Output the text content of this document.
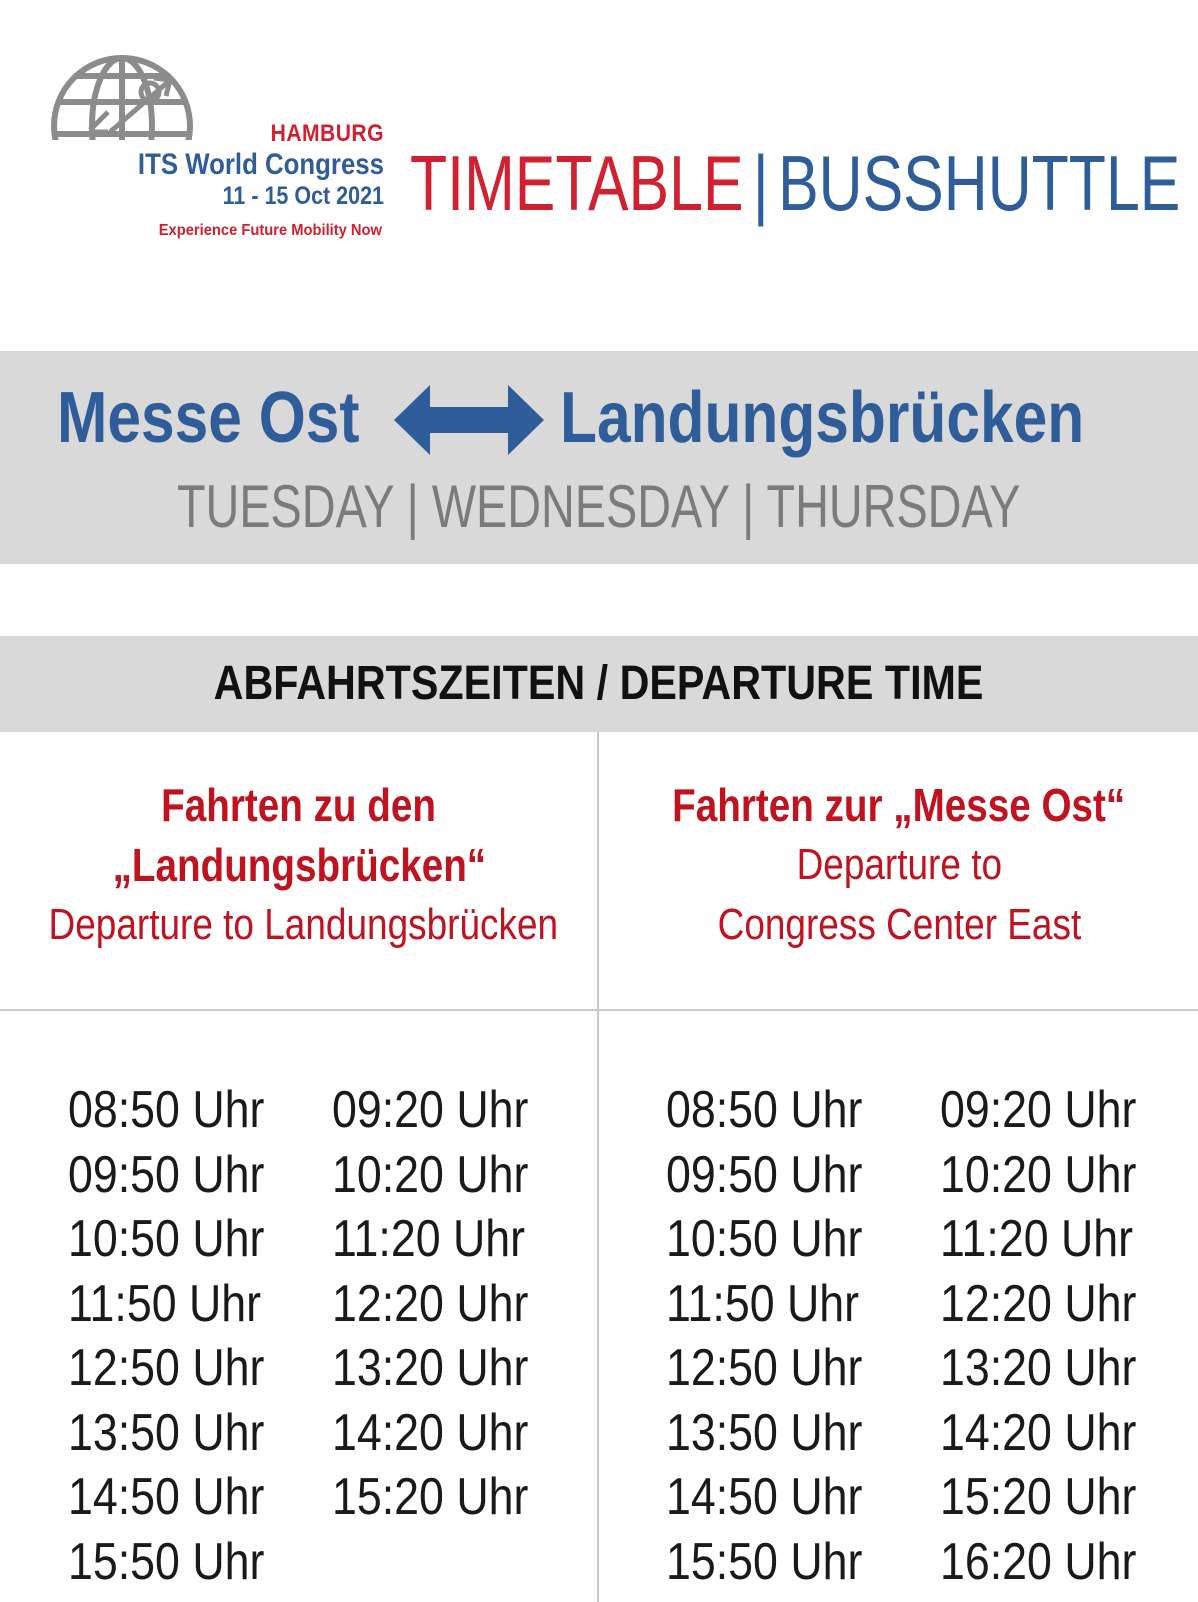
HAMBURG
ITS World Congress
11 - 15 Oct 2021
Experience Future Mobility Now
TIMETABLE | BUSSHUTTLE
Messe Ost	Landungsbrücken
TUESDAY | WEDNESDAY | THURSDAY
ABFAHRTSZEITEN / DEPARTURE TIME
Fahrten zu den
„Landungsbrücken“
Departure to Landungsbrücken
Fahrten zur „Messe Ost“
Departure to
Congress Center East
08:50 Uhr
09:50 Uhr
10:50 Uhr
11:50 Uhr
12:50 Uhr
13:50 Uhr
14:50 Uhr
15:50 Uhr
09:20 Uhr
10:20 Uhr
11:20 Uhr
12:20 Uhr
13:20 Uhr
14:20 Uhr
15:20 Uhr
08:50 Uhr
09:50 Uhr
10:50 Uhr
11:50 Uhr
12:50 Uhr
13:50 Uhr
14:50 Uhr
15:50 Uhr
09:20 Uhr
10:20 Uhr
11:20 Uhr
12:20 Uhr
13:20 Uhr
14:20 Uhr
15:20 Uhr
16:20 Uhr
